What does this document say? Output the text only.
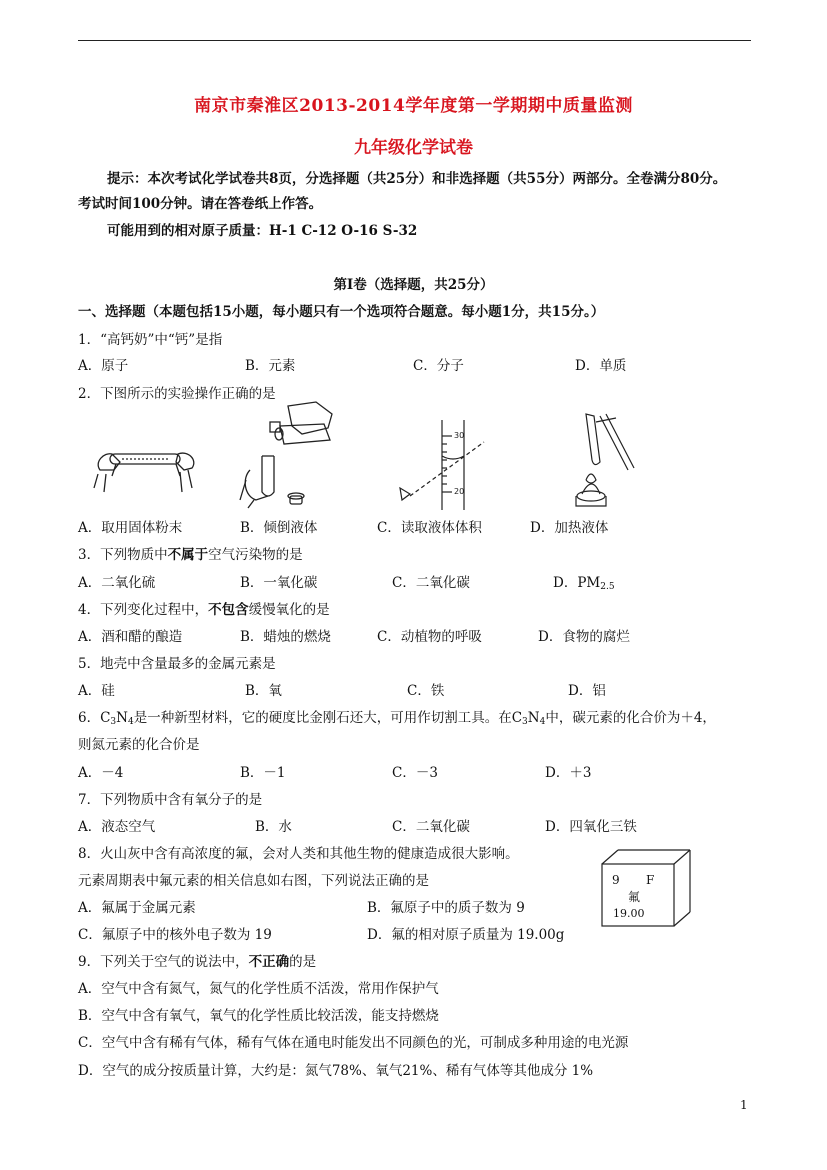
南京市秦淮区2013-2014学年度第一学期期中质量监测
九年级化学试卷
提示：本次考试化学试卷共8页，分选择题（共25分）和非选择题（共55分）两部分。全卷满分80分。
考试时间100分钟。请在答卷纸上作答。
可能用到的相对原子质量：H-1 C-12 O-16 S-32
第Ⅰ卷（选择题，共25分）
一、选择题（本题包括15小题，每小题只有一个选项符合题意。每小题1分，共15分。）
1．“高钙奶”中“钙”是指
A．原子	B．元素	C．分子	D．单质
2．下图所示的实验操作正确的是
30
20
A．取用固体粉末	B．倾倒液体	C．读取液体体积	D．加热液体
3．下列物质中不属于空气污染物的是
A．二氧化硫	B．一氧化碳	C．二氧化碳	D．$PM_{2.5}$
4．下列变化过程中，不包含缓慢氧化的是
A．酒和醋的酿造	B．蜡烛的燃烧	C．动植物的呼吸	D．食物的腐烂
5．地壳中含量最多的金属元素是
A．硅	B．氧	C．铁	D．铝
6．$C_3N_4$是一种新型材料，它的硬度比金刚石还大，可用作切割工具。在$C_3N_4$中，碳元素的化合价为＋4，
则氮元素的化合价是
A．－4	B．－1	C．－3	D．＋3
7．下列物质中含有氧分子的是
A．液态空气	B．水	C．二氧化碳	D．四氧化三铁
8．火山灰中含有高浓度的氟，会对人类和其他生物的健康造成很大影响。
元素周期表中氟元素的相关信息如右图，下列说法正确的是	9 F
氟
19.00
A．氟属于金属元素	B．氟原子中的质子数为 9
C．氟原子中的核外电子数为 19	D．氟的相对原子质量为 19.00g
9．下列关于空气的说法中，不正确的是
A．空气中含有氮气，氮气的化学性质不活泼，常用作保护气
B．空气中含有氧气，氧气的化学性质比较活泼，能支持燃烧
C．空气中含有稀有气体，稀有气体在通电时能发出不同颜色的光，可制成多种用途的电光源
D．空气的成分按质量计算，大约是：氮气78%、氧气21%、稀有气体等其他成分 1%
1
